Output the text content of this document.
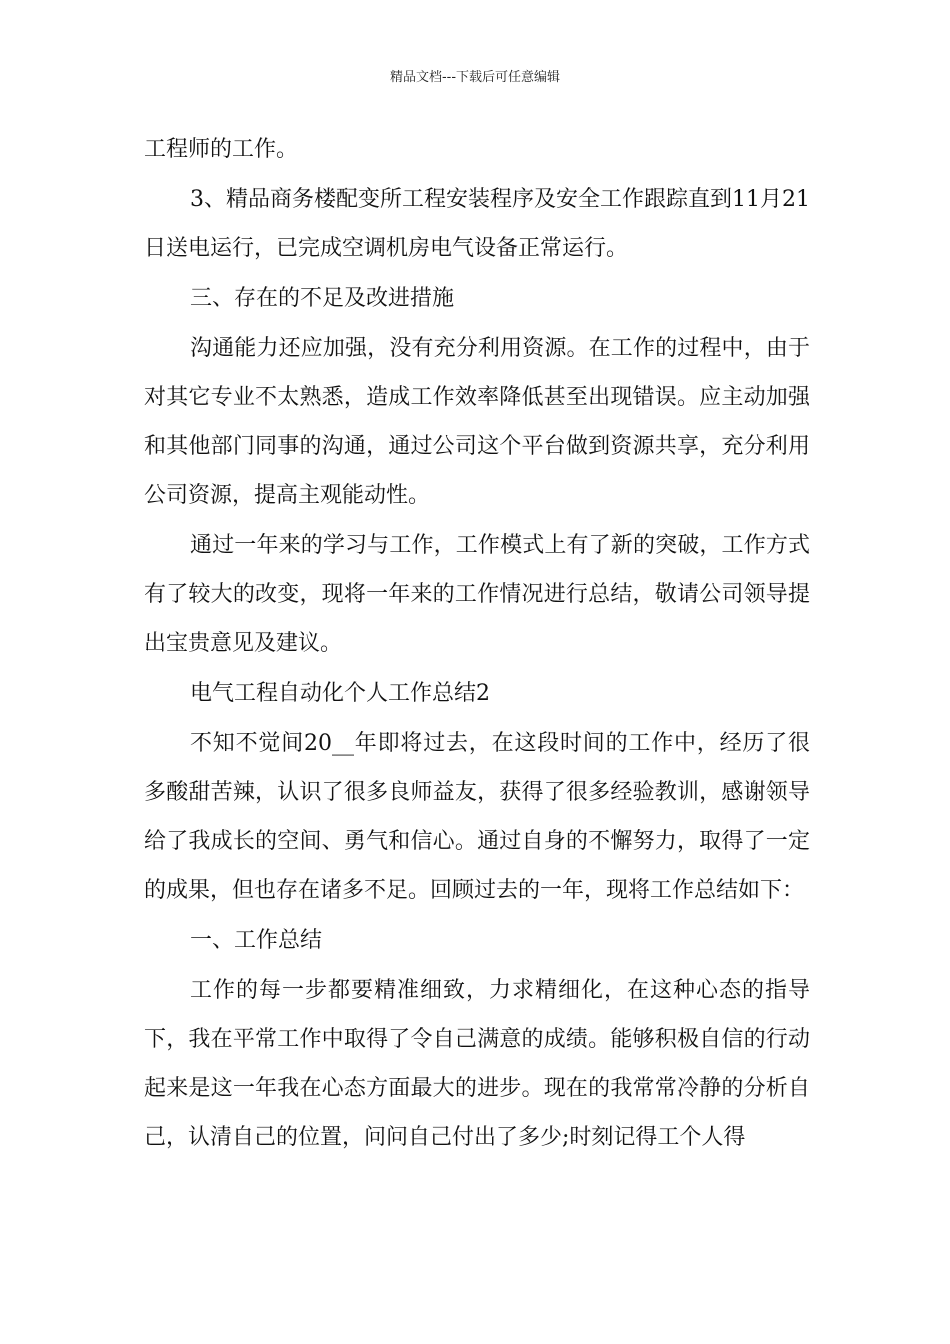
精品文档---下载后可任意编辑

工程师的工作。

3、精品商务楼配变所工程安装程序及安全工作跟踪直到11月21日送电运行，已完成空调机房电气设备正常运行。

三、存在的不足及改进措施

沟通能力还应加强，没有充分利用资源。在工作的过程中，由于对其它专业不太熟悉，造成工作效率降低甚至出现错误。应主动加强和其他部门同事的沟通，通过公司这个平台做到资源共享，充分利用公司资源，提高主观能动性。

通过一年来的学习与工作，工作模式上有了新的突破，工作方式有了较大的改变，现将一年来的工作情况进行总结，敬请公司领导提出宝贵意见及建议。

电气工程自动化个人工作总结2

不知不觉间20__年即将过去，在这段时间的工作中，经历了很多酸甜苦辣，认识了很多良师益友，获得了很多经验教训，感谢领导给了我成长的空间、勇气和信心。通过自身的不懈努力，取得了一定的成果，但也存在诸多不足。回顾过去的一年，现将工作总结如下：

一、工作总结

工作的每一步都要精准细致，力求精细化，在这种心态的指导下，我在平常工作中取得了令自己满意的成绩。能够积极自信的行动起来是这一年我在心态方面最大的进步。现在的我常常冷静的分析自己，认清自己的位置，问问自己付出了多少;时刻记得工个人得
